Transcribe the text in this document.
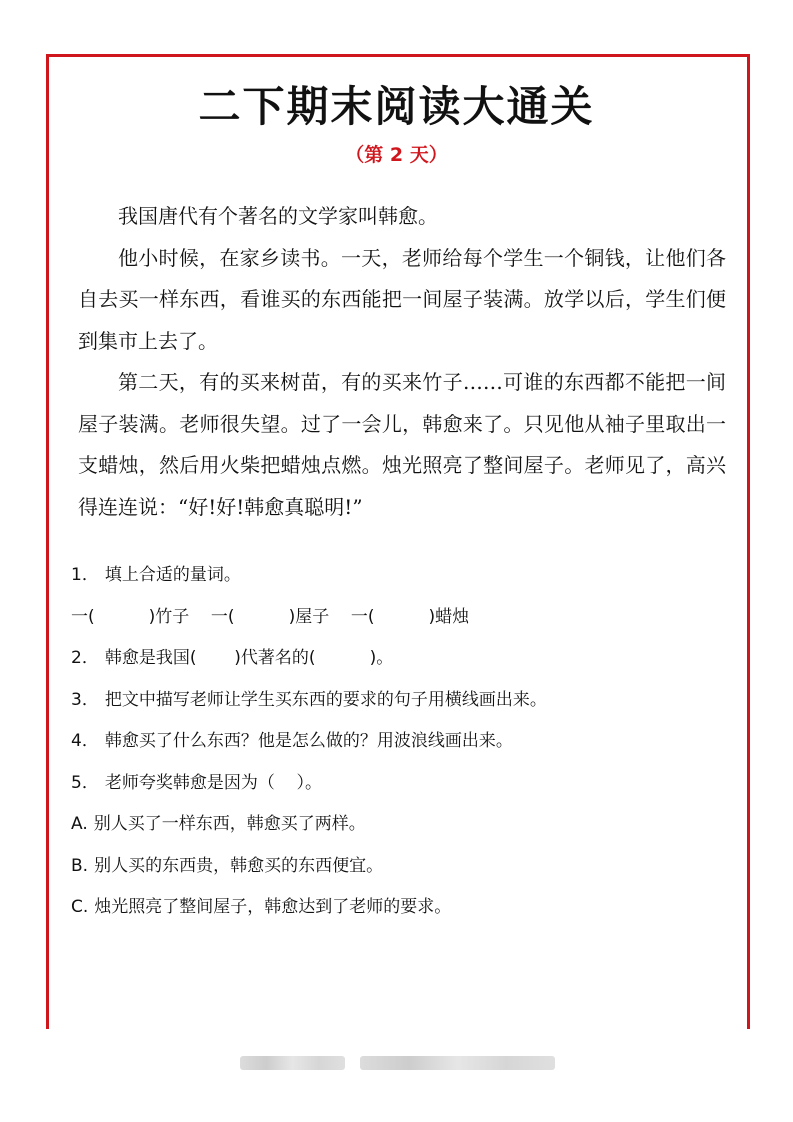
二下期末阅读大通关
（第 2 天）

我国唐代有个著名的文学家叫韩愈。

他小时候，在家乡读书。一天，老师给每个学生一个铜钱，让他们各自去买一样东西，看谁买的东西能把一间屋子装满。放学以后，学生们便到集市上去了。

第二天，有的买来树苗，有的买来竹子……可谁的东西都不能把一间屋子装满。老师很失望。过了一会儿，韩愈来了。只见他从袖子里取出一支蜡烛，然后用火柴把蜡烛点燃。烛光照亮了整间屋子。老师见了，高兴得连连说：“好!好!韩愈真聪明!”

1． 填上合适的量词。
一(          )竹子    一(          )屋子    一(          )蜡烛
2． 韩愈是我国(       )代著名的(          )。
3． 把文中描写老师让学生买东西的要求的句子用横线画出来。
4． 韩愈买了什么东西？他是怎么做的？用波浪线画出来。
5． 老师夸奖韩愈是因为（    ）。
A. 别人买了一样东西，韩愈买了两样。
B. 别人买的东西贵，韩愈买的东西便宜。
C. 烛光照亮了整间屋子，韩愈达到了老师的要求。
